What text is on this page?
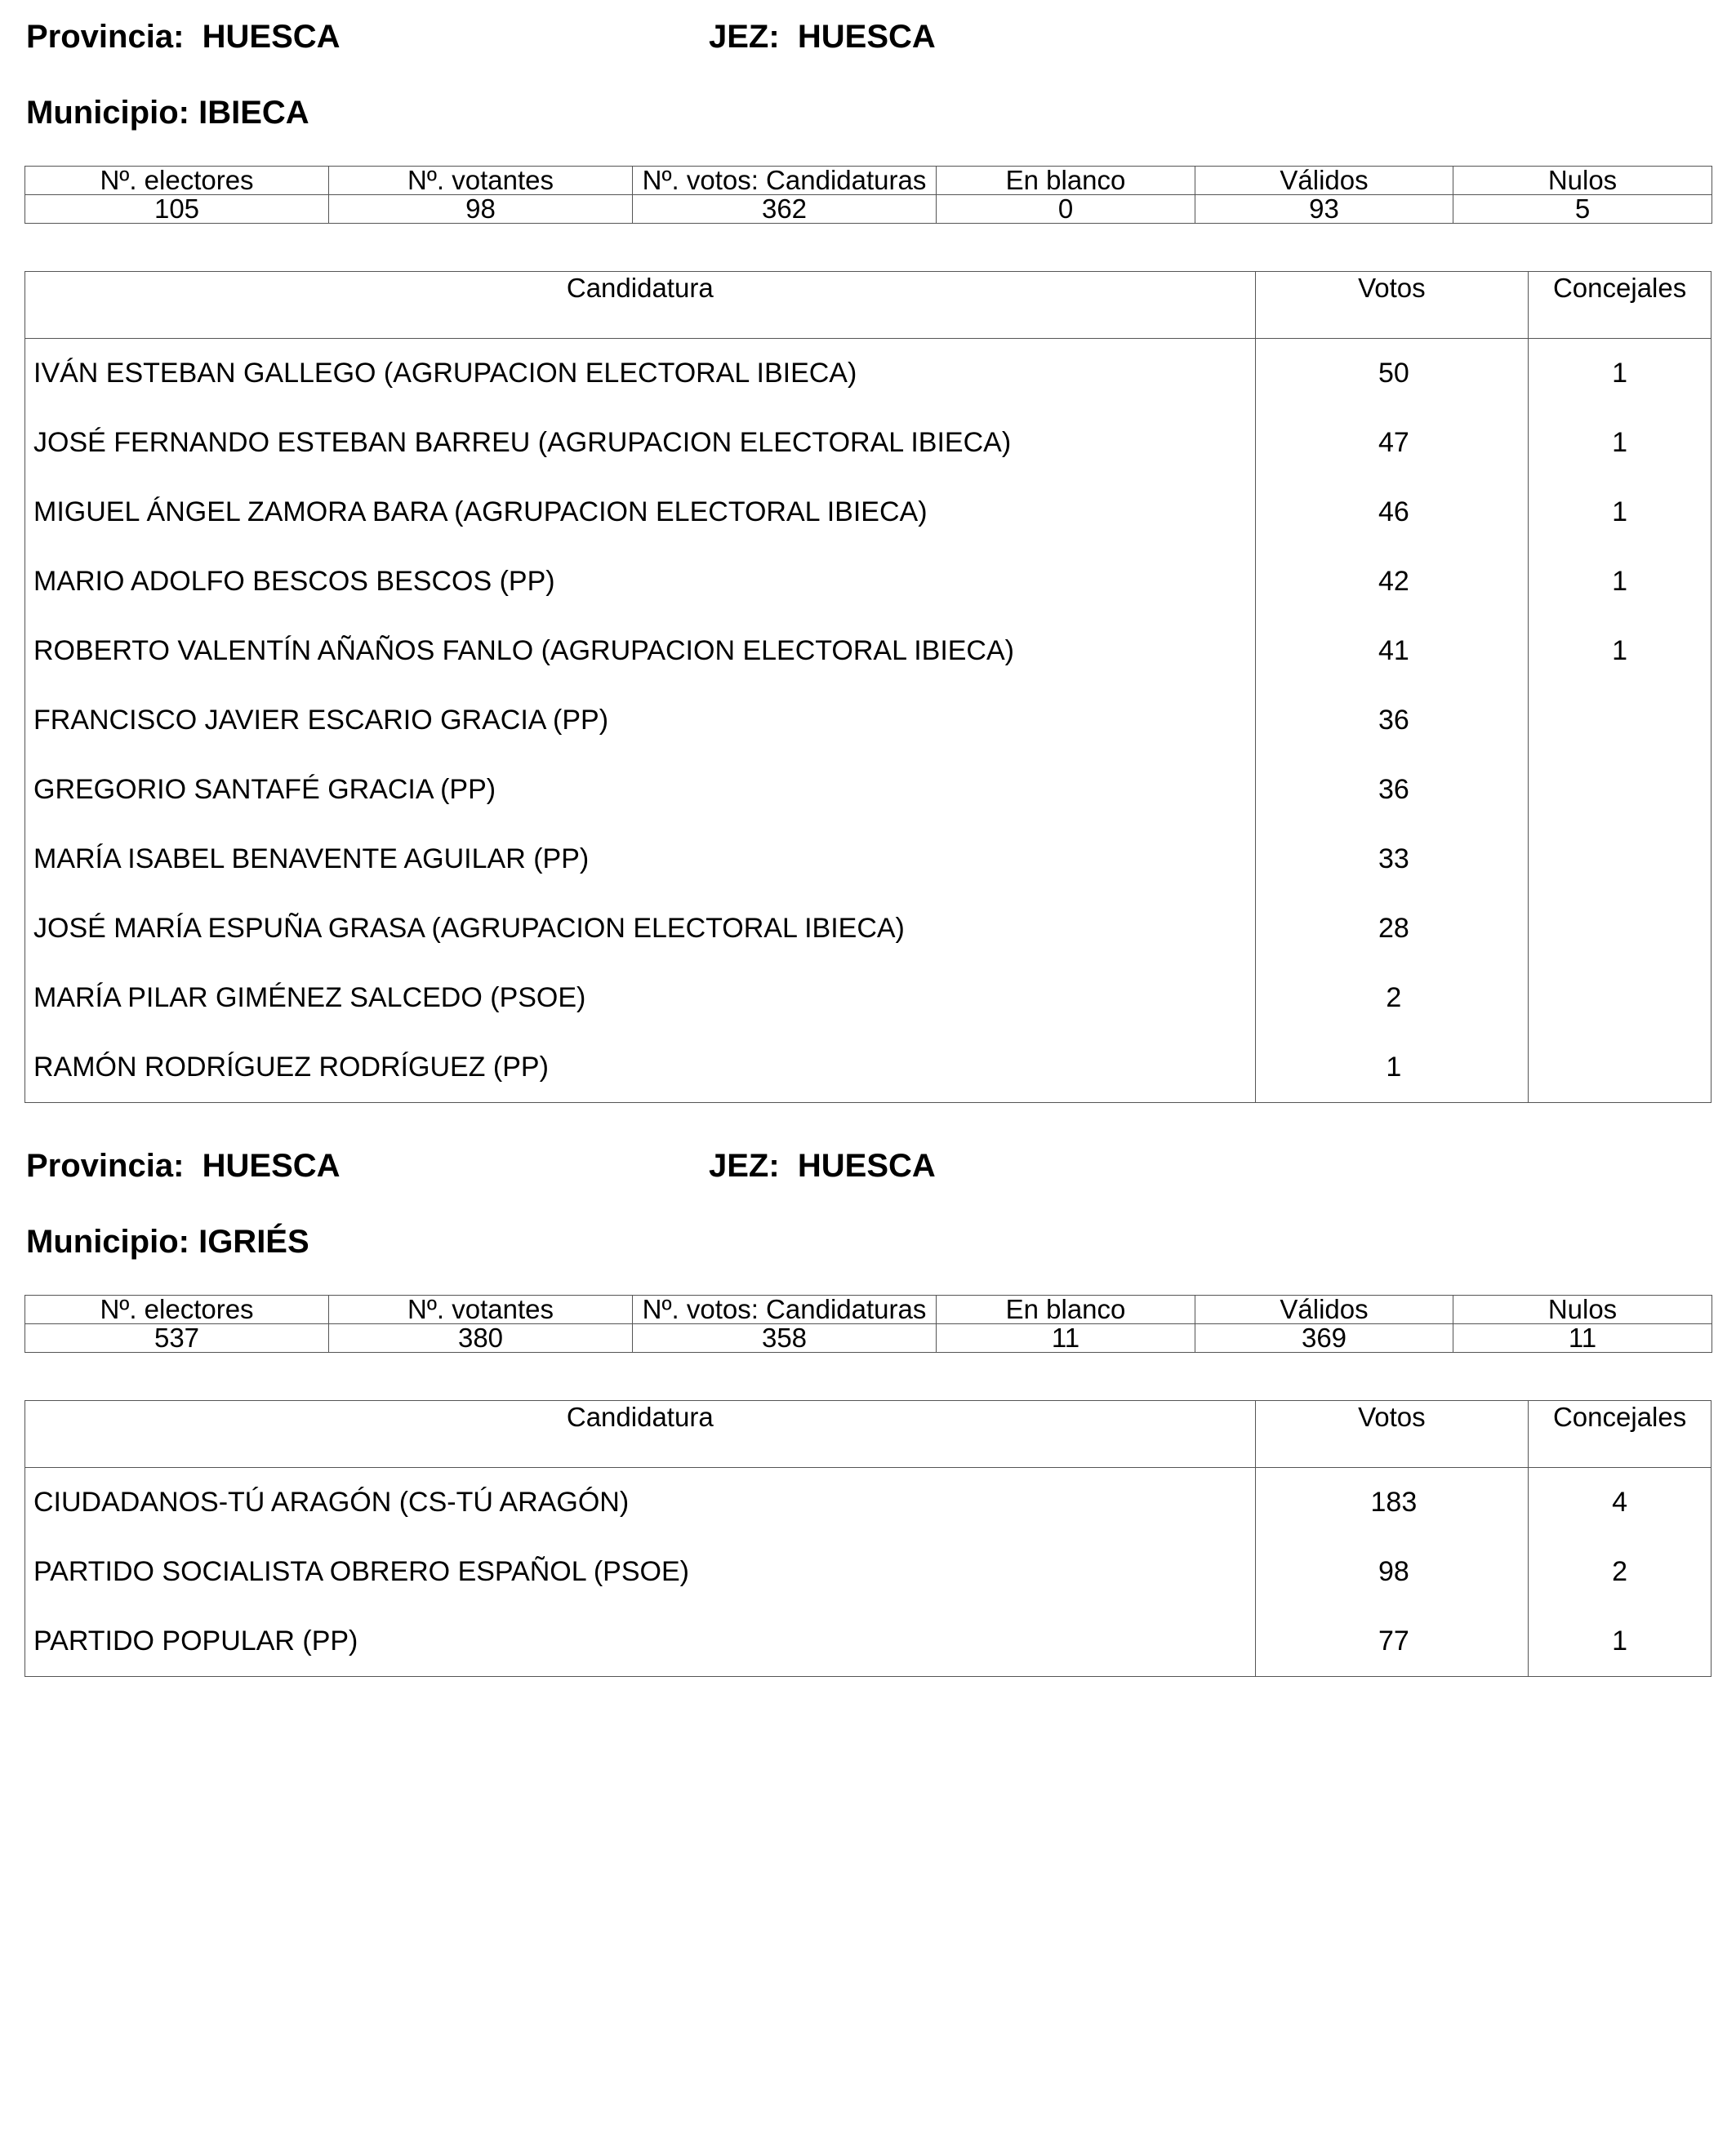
Provincia:  HUESCA	JEZ:  HUESCA
Municipio: IBIECA
Nº. electores	Nº. votantes	Nº. votos: Candidaturas	En blanco	Válidos	Nulos
105	98	362	0	93	5
Candidatura	Votos	Concejales
IVÁN ESTEBAN GALLEGO (AGRUPACION ELECTORAL IBIECA)	50	1
JOSÉ FERNANDO ESTEBAN BARREU (AGRUPACION ELECTORAL IBIECA)	47	1
MIGUEL ÁNGEL ZAMORA BARA (AGRUPACION ELECTORAL IBIECA)	46	1
MARIO ADOLFO BESCOS BESCOS (PP)	42	1
ROBERTO VALENTÍN AÑAÑOS FANLO (AGRUPACION ELECTORAL IBIECA)	41	1
FRANCISCO JAVIER ESCARIO GRACIA (PP)	36
GREGORIO SANTAFÉ GRACIA (PP)	36
MARÍA ISABEL BENAVENTE AGUILAR (PP)	33
JOSÉ MARÍA ESPUÑA GRASA (AGRUPACION ELECTORAL IBIECA)	28
MARÍA PILAR GIMÉNEZ SALCEDO (PSOE)	2
RAMÓN RODRÍGUEZ RODRÍGUEZ (PP)	1
Provincia:  HUESCA	JEZ:  HUESCA
Municipio: IGRIÉS
Nº. electores	Nº. votantes	Nº. votos: Candidaturas	En blanco	Válidos	Nulos
537	380	358	11	369	11
Candidatura	Votos	Concejales
CIUDADANOS-TÚ ARAGÓN (CS-TÚ ARAGÓN)	183	4
PARTIDO SOCIALISTA OBRERO ESPAÑOL (PSOE)	98	2
PARTIDO POPULAR (PP)	77	1
